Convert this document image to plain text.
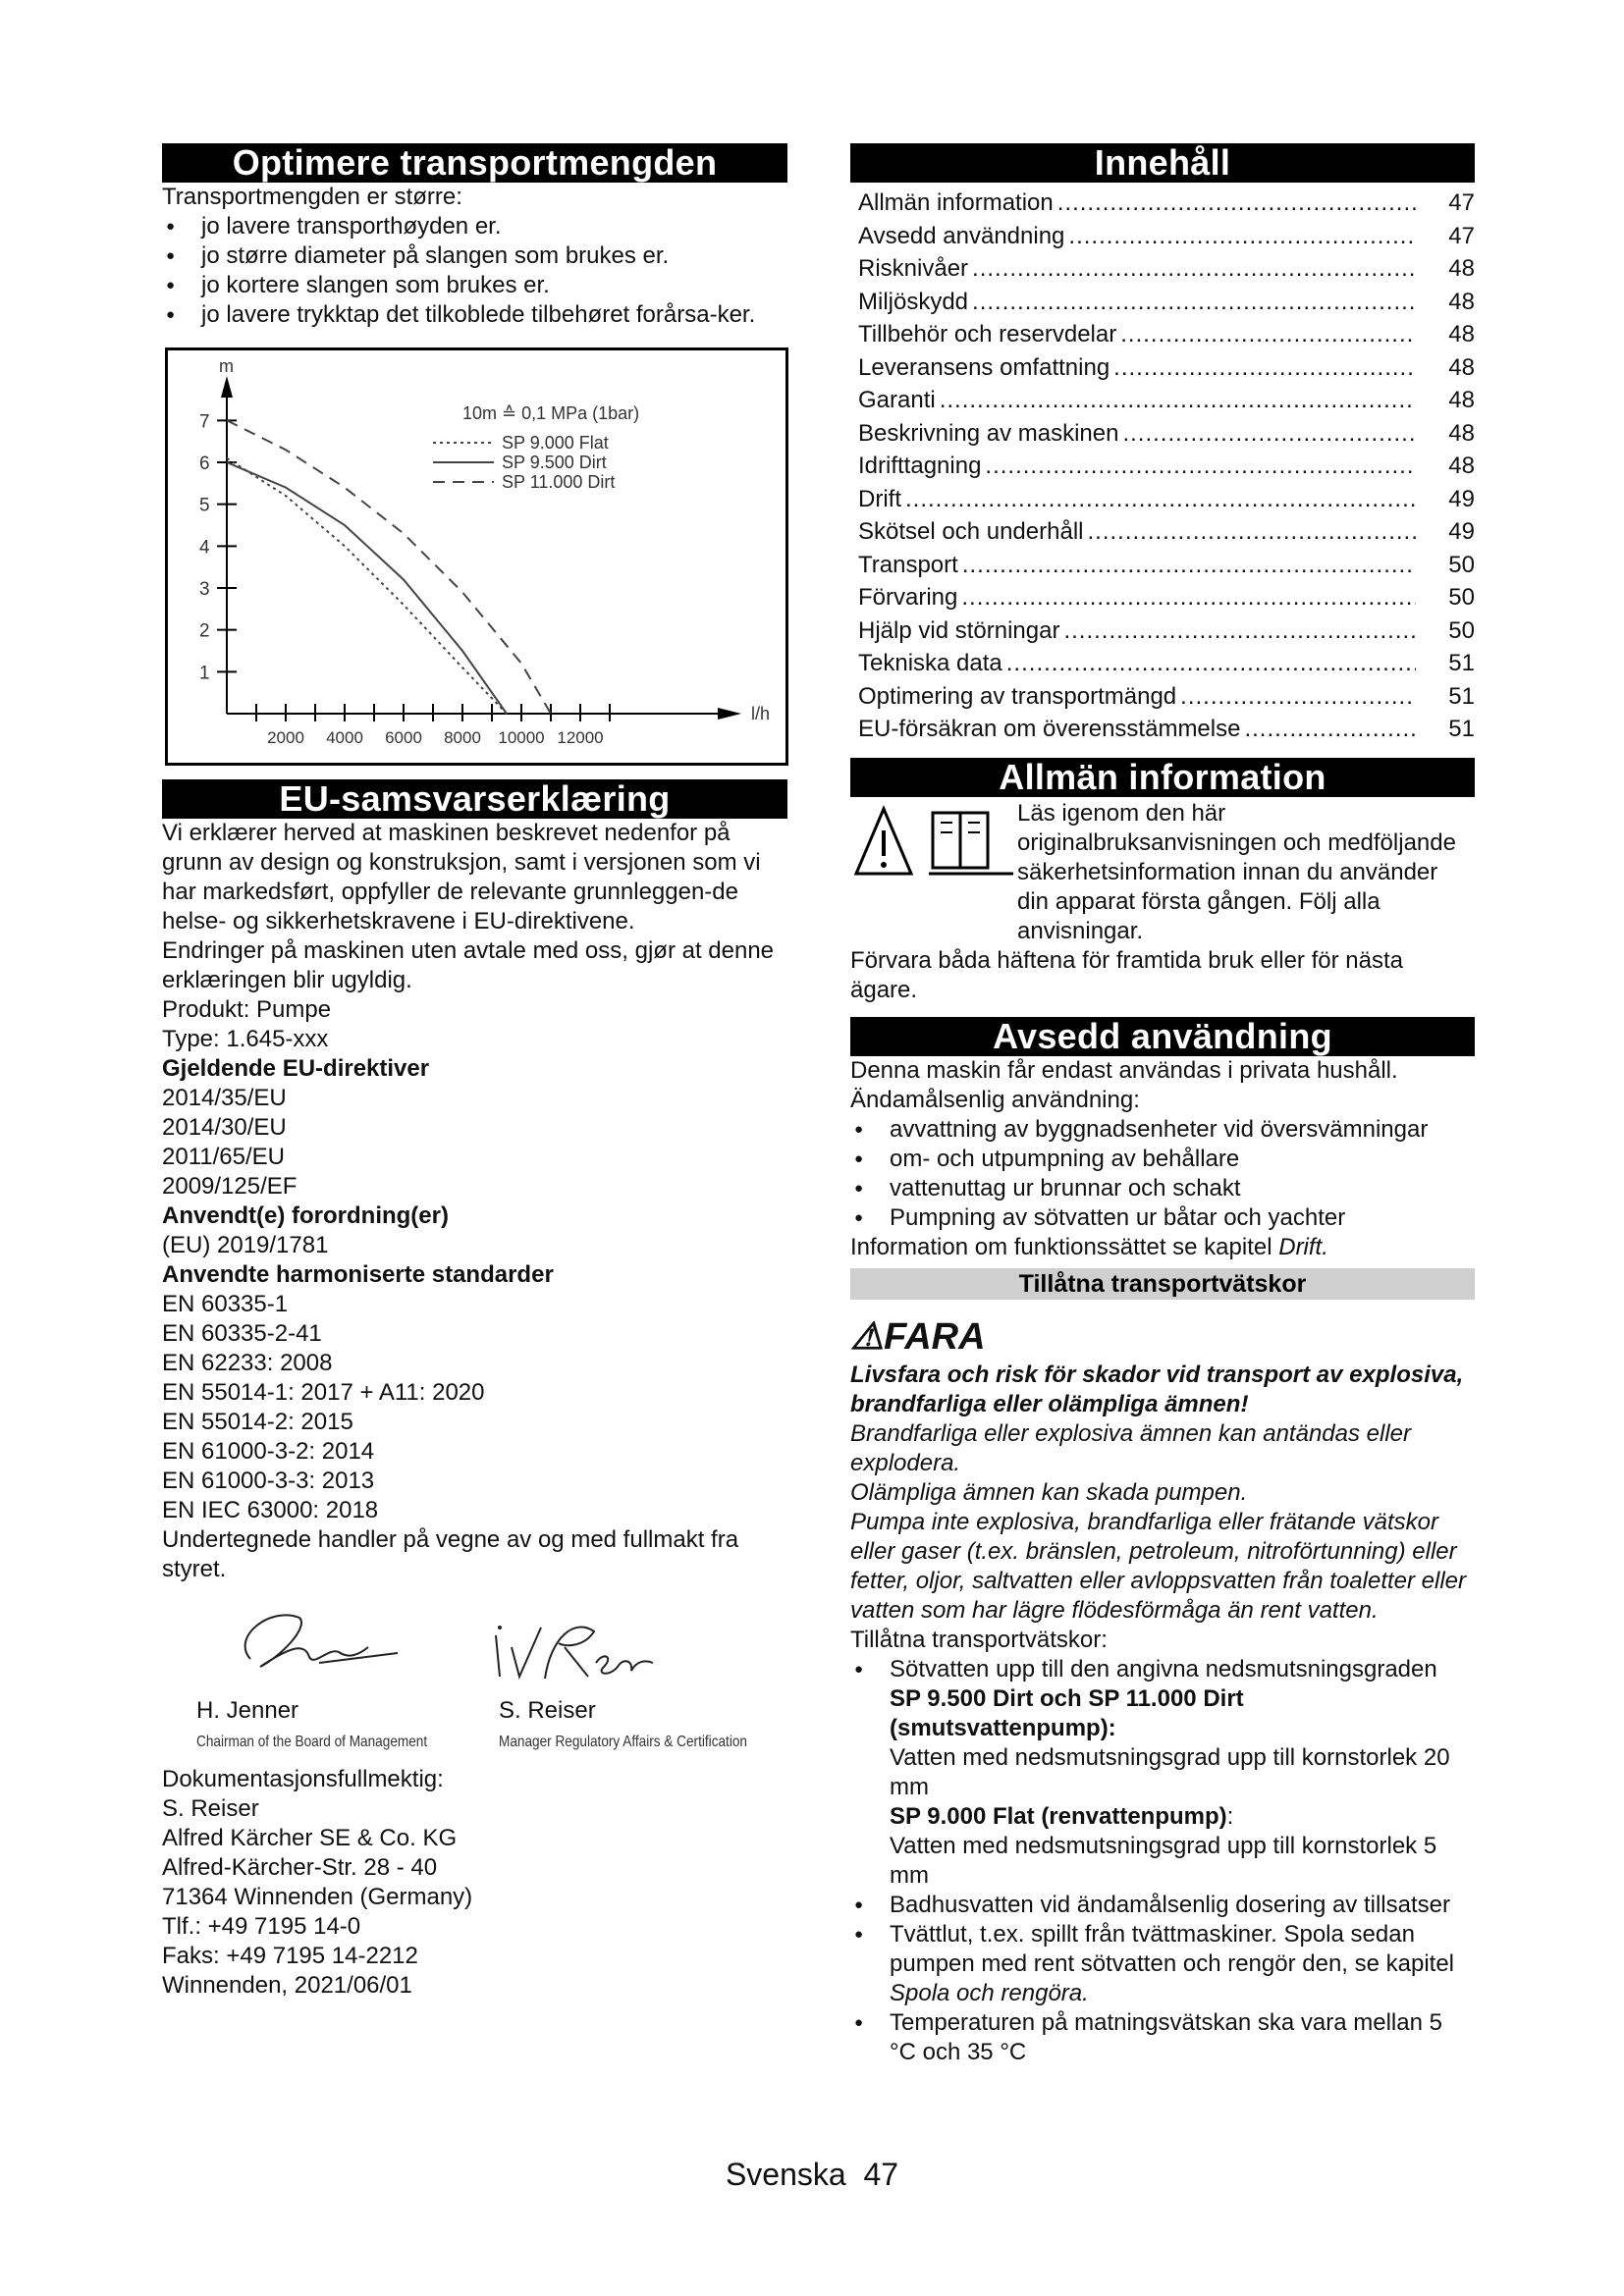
Optimere transportmengden

Transportmengden er større:

● jo lavere transporthøyden er.
● jo større diameter på slangen som brukes er.
● jo kortere slangen som brukes er.
● jo lavere trykktap det tilkoblede tilbehøret forårsa-ker.
m
l/h
1
2
3
4
5
6
7
2000 4000 6000 8000 10000 12000
10m ≙ 0,1 MPa (1bar)
SP 9.000 Flat
SP 9.500 Dirt
SP 11.000 Dirt
EU-samsvarserklæring

Vi erklærer herved at maskinen beskrevet nedenfor på grunn av design og konstruksjon, samt i versjonen som vi har markedsført, oppfyller de relevante grunnleggen-de helse- og sikkerhetskravene i EU-direktivene.

Endringer på maskinen uten avtale med oss, gjør at denne erklæringen blir ugyldig.

Produkt: Pumpe

Type: 1.645-xxx

Gjeldende EU-direktiver

2014/35/EU

2014/30/EU

2011/65/EU

2009/125/EF

Anvendt(e) forordning(er)

(EU) 2019/1781

Anvendte harmoniserte standarder

EN 60335-1

EN 60335-2-41

EN 62233: 2008

EN 55014-1: 2017 + A11: 2020

EN 55014-2: 2015

EN 61000-3-2: 2014

EN 61000-3-3: 2013

EN IEC 63000: 2018

Undertegnede handler på vegne av og med fullmakt fra styret.

H. Jenner
Chairman of the Board of Management
S. Reiser
Manager Regulatory Affairs & Certification

Dokumentasjonsfullmektig:

S. Reiser

Alfred Kärcher SE & Co. KG

Alfred-Kärcher-Str. 28 - 40

71364 Winnenden (Germany)

Tlf.: +49 7195 14-0

Faks: +49 7195 14-2212

Winnenden, 2021/06/01

Innehåll
Allmän information .....	47
Avsedd användning .....	47
Risknivåer .....	48
Miljöskydd .....	48
Tillbehör och reservdelar .....	48
Leveransens omfattning .....	48
Garanti .....	48
Beskrivning av maskinen .....	48
Idrifttagning .....	48
Drift .....	49
Skötsel och underhåll .....	49
Transport .....	50
Förvaring .....	50
Hjälp vid störningar .....	50
Tekniska data .....	51
Optimering av transportmängd .....	51
EU-försäkran om överensstämmelse .....	51
Allmän information

Läs igenom den här originalbruksanvisningen och medföljande säkerhetsinformation innan du använder din apparat första gången. Följ alla anvisningar.

Förvara båda häftena för framtida bruk eller för nästa ägare.

Avsedd användning

Denna maskin får endast användas i privata hushåll.

Ändamålsenlig användning:

● avvattning av byggnadsenheter vid översvämningar
● om- och utpumpning av behållare
● vattenuttag ur brunnar och schakt
● Pumpning av sötvatten ur båtar och yachter

Information om funktionssättet se kapitel Drift.

Tillåtna transportvätskor
⚠FARA

Livsfara och risk för skador vid transport av explosiva, brandfarliga eller olämpliga ämnen!

Brandfarliga eller explosiva ämnen kan antändas eller explodera.

Olämpliga ämnen kan skada pumpen.

Pumpa inte explosiva, brandfarliga eller frätande vätskor eller gaser (t.ex. bränslen, petroleum, nitroförtunning) eller fetter, oljor, saltvatten eller avloppsvatten från toaletter eller vatten som har lägre flödesförmåga än rent vatten.

Tillåtna transportvätskor:

● Sötvatten upp till den angivna nedsmutsningsgraden

SP 9.500 Dirt och SP 11.000 Dirt (smutsvattenpump):

Vatten med nedsmutsningsgrad upp till kornstorlek 20 mm

SP 9.000 Flat (renvattenpump):

Vatten med nedsmutsningsgrad upp till kornstorlek 5 mm

● Badhusvatten vid ändamålsenlig dosering av tillsatser
● Tvättlut, t.ex. spillt från tvättmaskiner. Spola sedan pumpen med rent sötvatten och rengör den, se kapitel Spola och rengöra.
● Temperaturen på matningsvätskan ska vara mellan 5 °C och 35 °C
Svenska 47
